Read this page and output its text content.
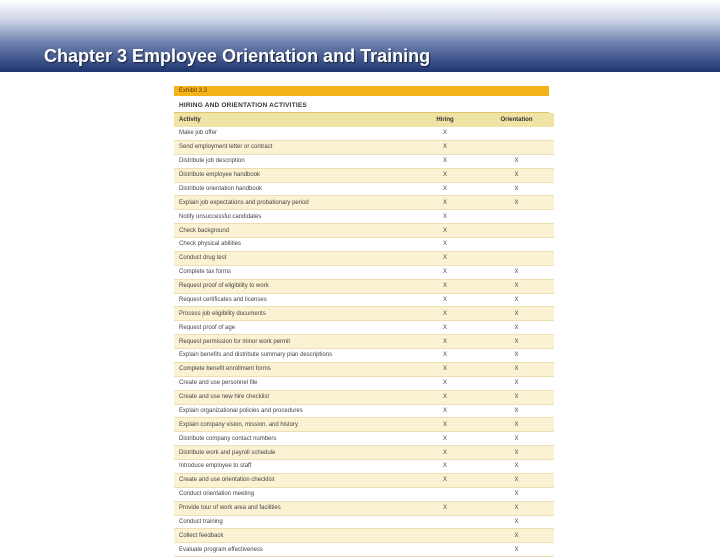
Chapter 3 Employee Orientation and Training
Exhibit 3.3
HIRING AND ORIENTATION ACTIVITIES
Activity	Hiring	Orientation
Make job offer	X	
Send employment letter or contract	X	
Distribute job description	X	X
Distribute employee handbook	X	X
Distribute orientation handbook	X	X
Explain job expectations and probationary period	X	X
Notify unsuccessful candidates	X	
Check background	X	
Check physical abilities	X	
Conduct drug test	X	
Complete tax forms	X	X
Request proof of eligibility to work	X	X
Request certificates and licenses	X	X
Process job eligibility documents	X	X
Request proof of age	X	X
Request permission for minor work permit	X	X
Explain benefits and distribute summary plan descriptions	X	X
Complete benefit enrollment forms	X	X
Create and use personnel file	X	X
Create and use new hire checklist	X	X
Explain organizational policies and procedures	X	X
Explain company vision, mission, and history	X	X
Distribute company contact numbers	X	X
Distribute work and payroll schedule	X	X
Introduce employee to staff	X	X
Create and use orientation checklist	X	X
Conduct orientation meeting		X
Provide tour of work area and facilities	X	X
Conduct training		X
Collect feedback		X
Evaluate program effectiveness		X
